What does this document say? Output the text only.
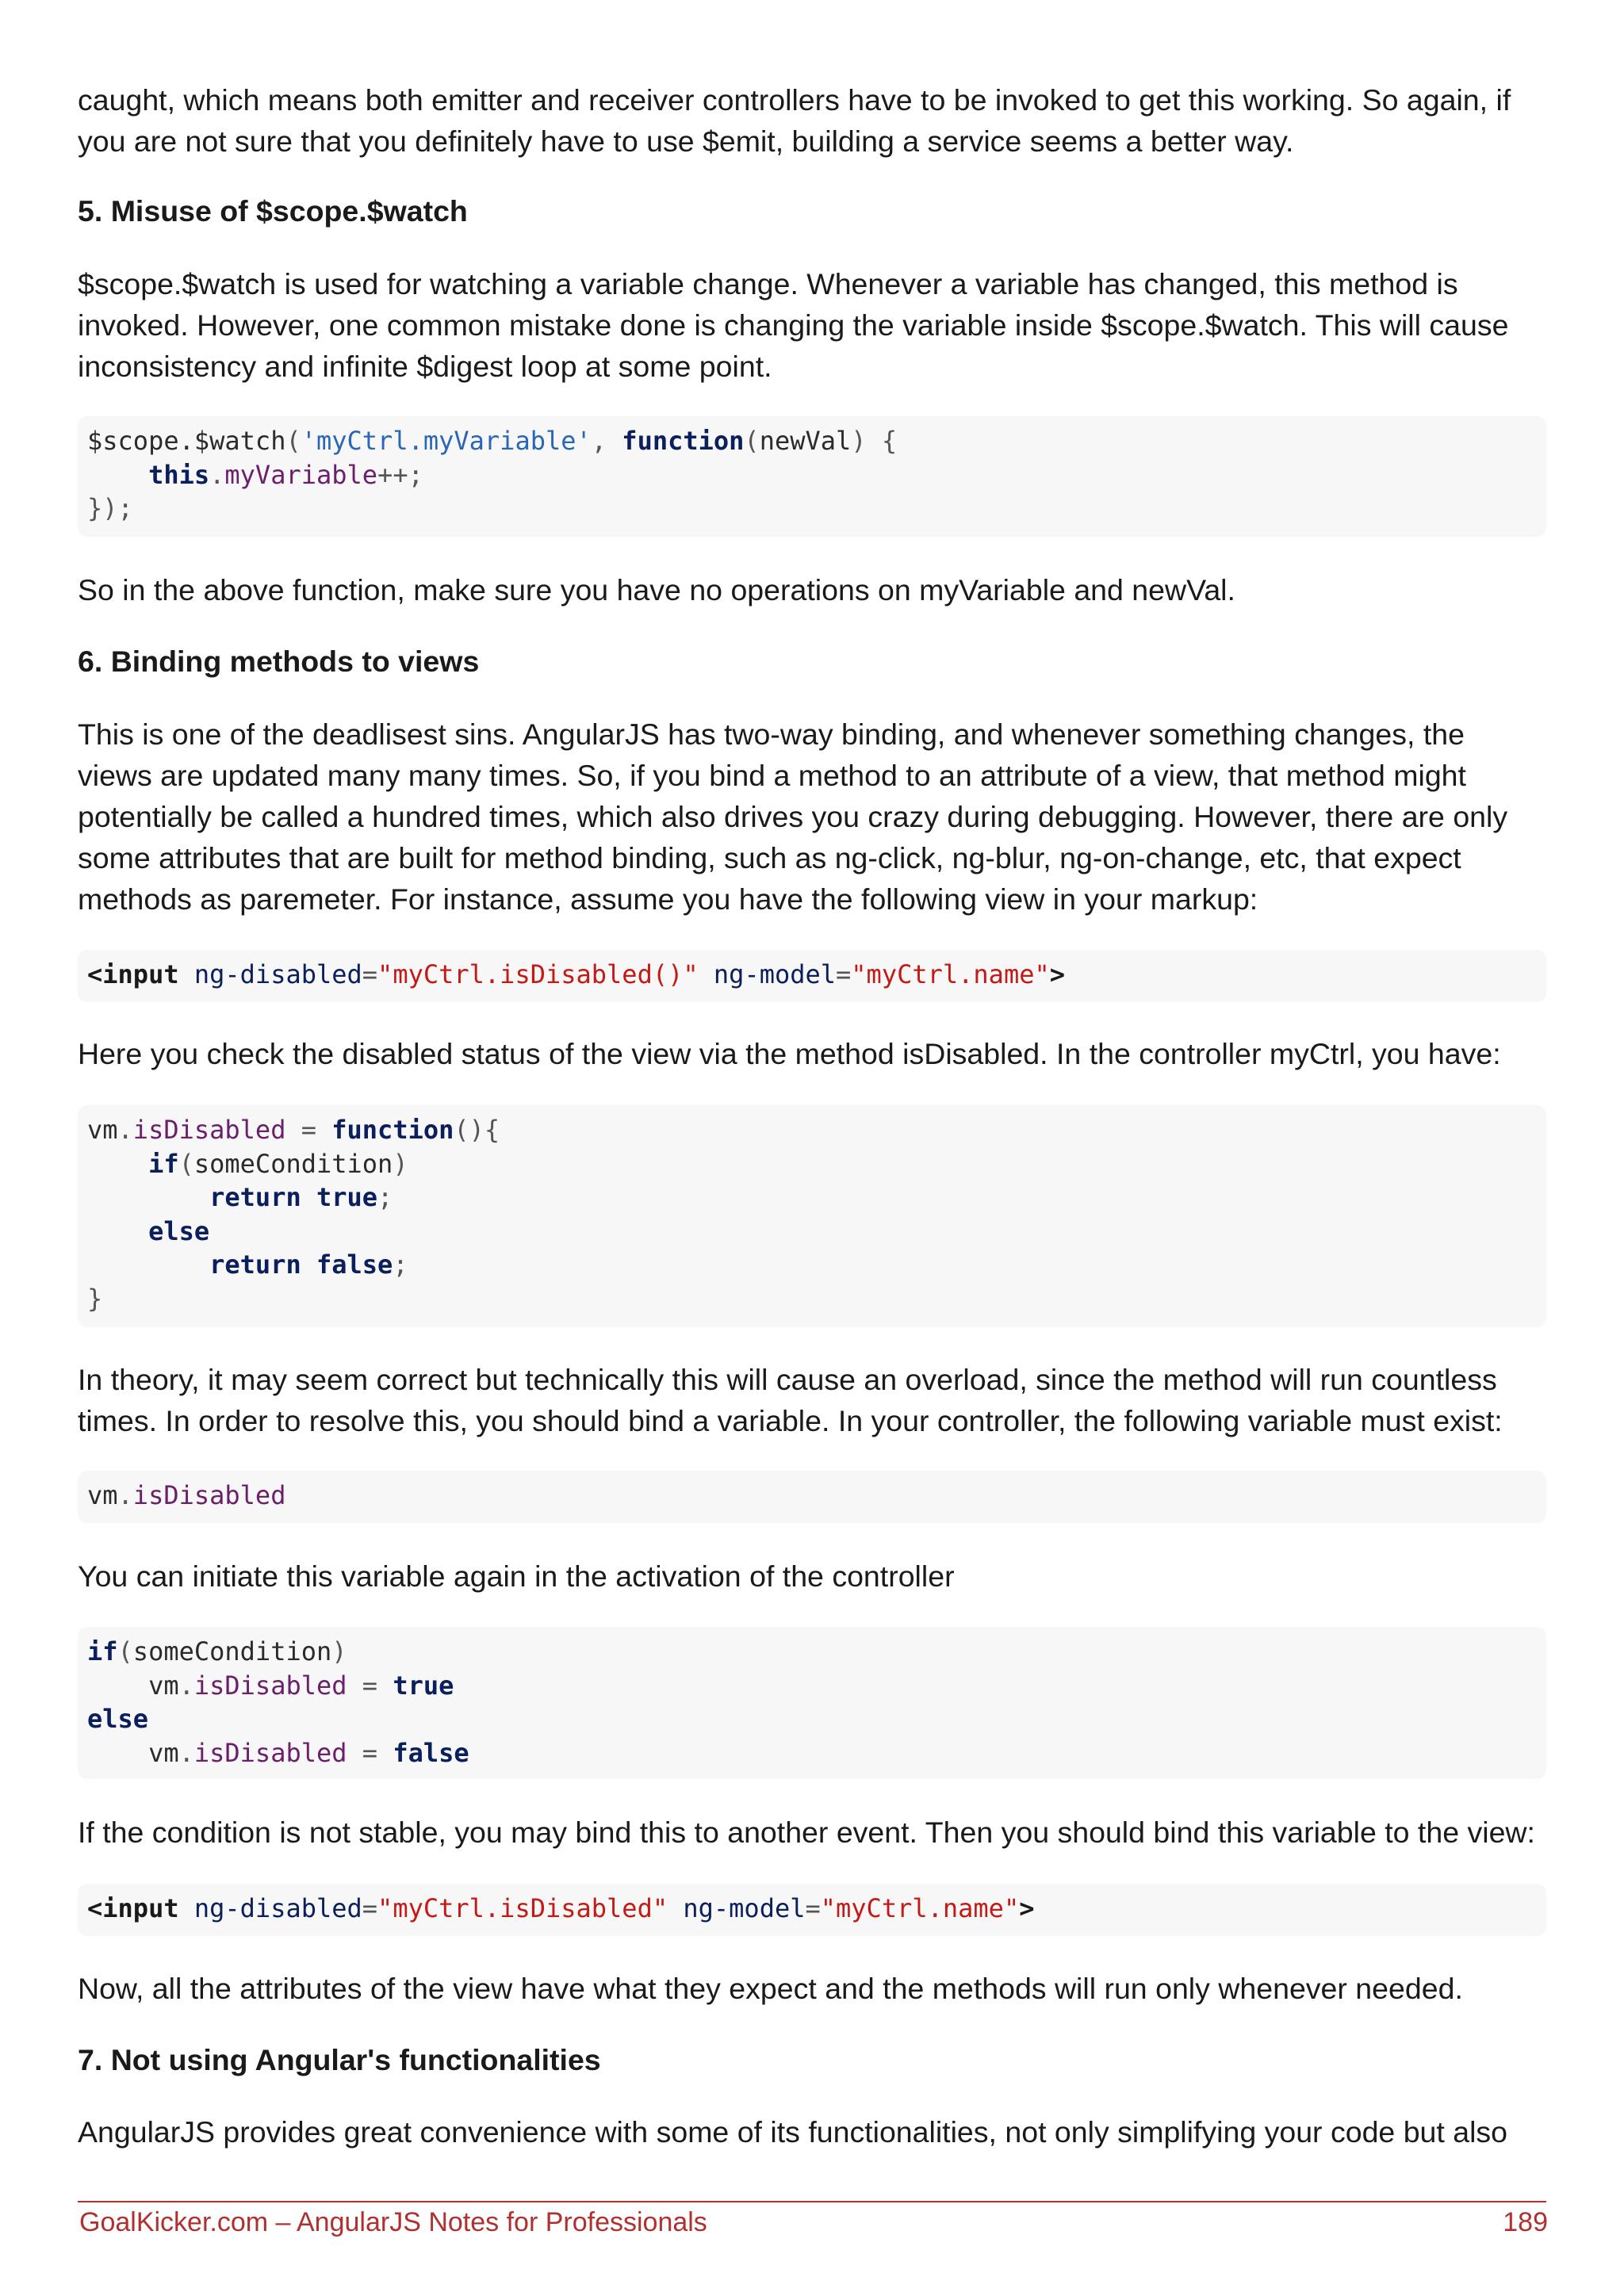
caught, which means both emitter and receiver controllers have to be invoked to get this working. So again, if you are not sure that you definitely have to use $emit, building a service seems a better way.

5. Misuse of $scope.$watch

$scope.$watch is used for watching a variable change. Whenever a variable has changed, this method is invoked. However, one common mistake done is changing the variable inside $scope.$watch. This will cause inconsistency and infinite $digest loop at some point.

$scope.$watch('myCtrl.myVariable', function(newVal) {
this.myVariable++;
});

So in the above function, make sure you have no operations on myVariable and newVal.

6. Binding methods to views

This is one of the deadlisest sins. AngularJS has two-way binding, and whenever something changes, the views are updated many many times. So, if you bind a method to an attribute of a view, that method might potentially be called a hundred times, which also drives you crazy during debugging. However, there are only some attributes that are built for method binding, such as ng-click, ng-blur, ng-on-change, etc, that expect methods as paremeter. For instance, assume you have the following view in your markup:

<input ng-disabled="myCtrl.isDisabled()" ng-model="myCtrl.name">

Here you check the disabled status of the view via the method isDisabled. In the controller myCtrl, you have:

vm.isDisabled = function(){
if(someCondition)
return true;
else
return false;
}

In theory, it may seem correct but technically this will cause an overload, since the method will run countless times. In order to resolve this, you should bind a variable. In your controller, the following variable must exist:

vm.isDisabled

You can initiate this variable again in the activation of the controller

if(someCondition)
vm.isDisabled = true
else
vm.isDisabled = false

If the condition is not stable, you may bind this to another event. Then you should bind this variable to the view:

<input ng-disabled="myCtrl.isDisabled" ng-model="myCtrl.name">

Now, all the attributes of the view have what they expect and the methods will run only whenever needed.

7. Not using Angular's functionalities

AngularJS provides great convenience with some of its functionalities, not only simplifying your code but also

GoalKicker.com – AngularJS Notes for Professionals	189
